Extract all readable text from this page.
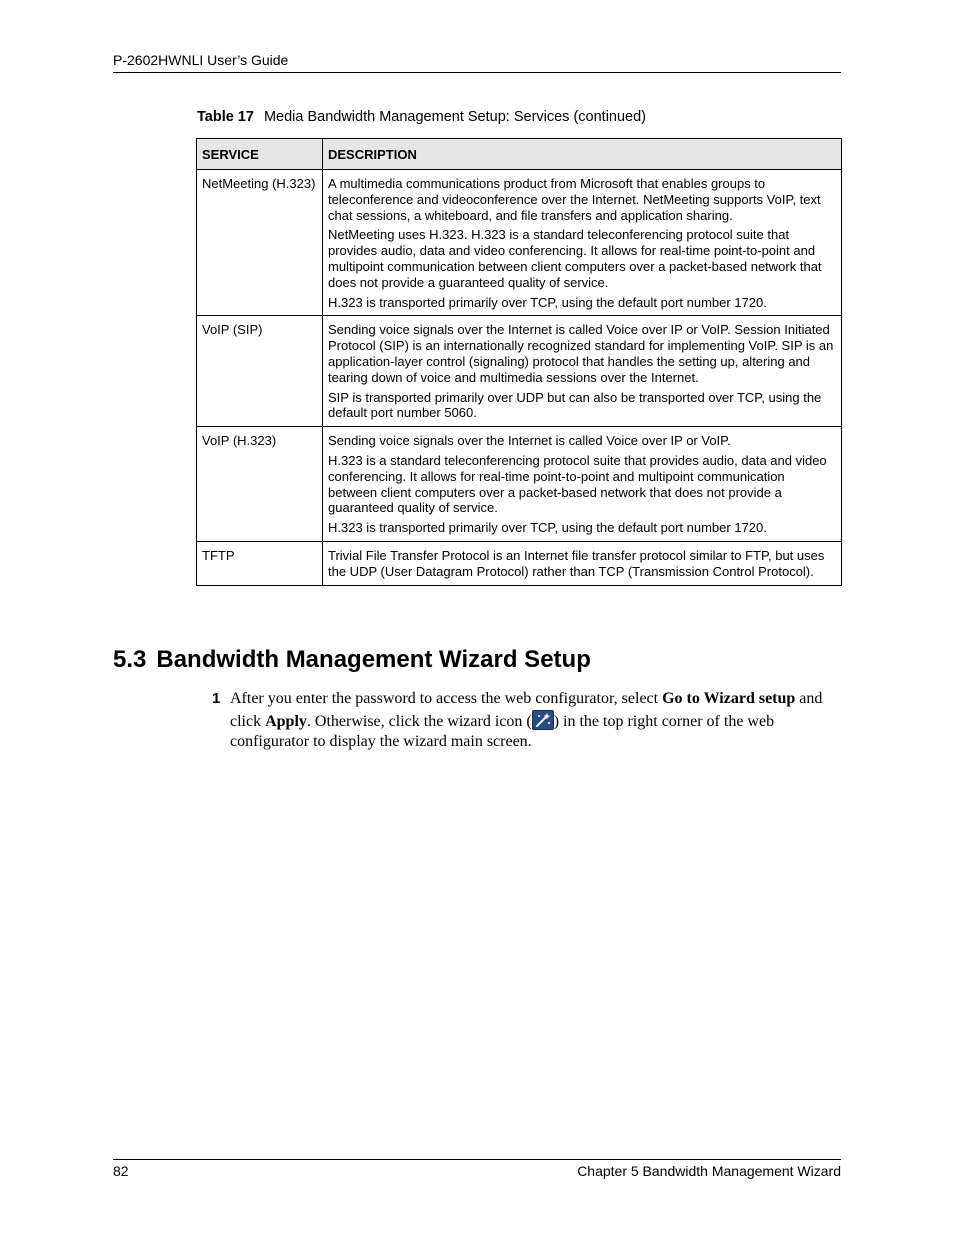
P-2602HWNLI User’s Guide
Table 17 Media Bandwidth Management Setup: Services (continued)
SERVICE	DESCRIPTION
NetMeeting (H.323)	A multimedia communications product from Microsoft that enables groups to teleconference and videoconference over the Internet. NetMeeting supports VoIP, text chat sessions, a whiteboard, and file transfers and application sharing.

NetMeeting uses H.323. H.323 is a standard teleconferencing protocol suite that provides audio, data and video conferencing. It allows for real-time point-to-point and multipoint communication between client computers over a packet-based network that does not provide a guaranteed quality of service.

H.323 is transported primarily over TCP, using the default port number 1720.

VoIP (SIP)	Sending voice signals over the Internet is called Voice over IP or VoIP. Session Initiated Protocol (SIP) is an internationally recognized standard for implementing VoIP. SIP is an application-layer control (signaling) protocol that handles the setting up, altering and tearing down of voice and multimedia sessions over the Internet.

SIP is transported primarily over UDP but can also be transported over TCP, using the default port number 5060.

VoIP (H.323)	Sending voice signals over the Internet is called Voice over IP or VoIP.

H.323 is a standard teleconferencing protocol suite that provides audio, data and video conferencing. It allows for real-time point-to-point and multipoint communication between client computers over a packet-based network that does not provide a guaranteed quality of service.

H.323 is transported primarily over TCP, using the default port number 1720.

TFTP	Trivial File Transfer Protocol is an Internet file transfer protocol similar to FTP, but uses the UDP (User Datagram Protocol) rather than TCP (Transmission Control Protocol).

5.3 Bandwidth Management Wizard Setup
1 After you enter the password to access the web configurator, select Go to Wizard setup and click Apply. Otherwise, click the wizard icon ( ) in the top right corner of the web configurator to display the wizard main screen.
82	Chapter 5 Bandwidth Management Wizard
